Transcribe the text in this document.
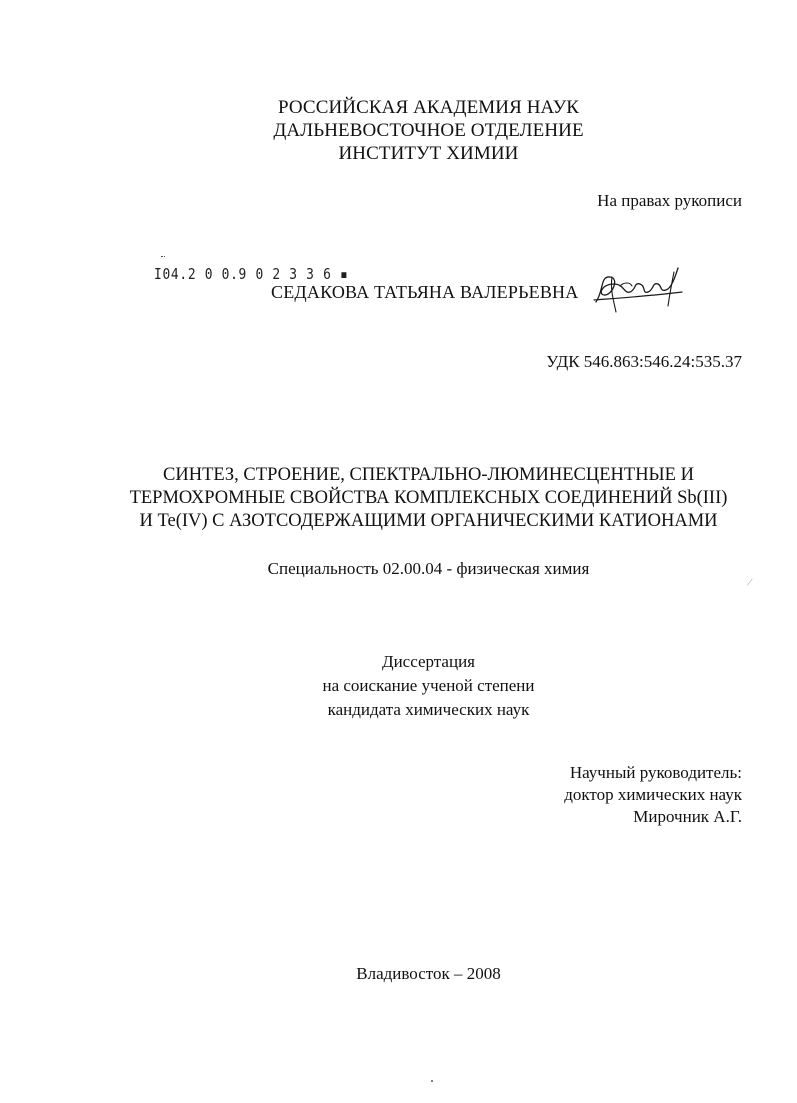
РОССИЙСКАЯ АКАДЕМИЯ НАУК
ДАЛЬНЕВОСТОЧНОЕ ОТДЕЛЕНИЕ
ИНСТИТУТ ХИМИИ
На правах рукописи
I04.2 0 0.9 0 2 3 3 6 ▪
СЕДАКОВА ТАТЬЯНА ВАЛЕРЬЕВНА
УДК 546.863:546.24:535.37
СИНТЕЗ, СТРОЕНИЕ, СПЕКТРАЛЬНО-ЛЮМИНЕСЦЕНТНЫЕ И
ТЕРМОХРОМНЫЕ СВОЙСТВА КОМПЛЕКСНЫХ СОЕДИНЕНИЙ Sb(III)
И Te(IV) С АЗОТСОДЕРЖАЩИМИ ОРГАНИЧЕСКИМИ КАТИОНАМИ
Специальность 02.00.04 - физическая химия
/
Диссертация
на соискание ученой степени
кандидата химических наук
Научный руководитель:
доктор химических наук
Мирочник А.Г.
Владивосток – 2008
